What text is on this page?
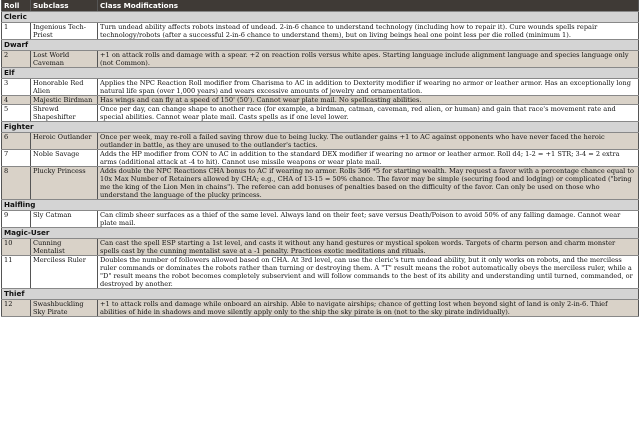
Roll	Subclass	Class Modifications
Cleric		
1	Ingenious Tech-Priest	Turn undead ability affects robots instead of undead. 2-in-6 chance to understand technology (including how to repair it). Cure wounds spells repair technology/robots (after a successful 2-in-6 chance to understand them), but on living beings heal one point less per die rolled (minimum 1).
Dwarf		
2	Lost World Caveman	+1 on attack rolls and damage with a spear. +2 on reaction rolls versus white apes. Starting language include alignment language and species language only (not Common).
Elf		
3	Honorable Red Alien	Applies the NPC Reaction Roll modifier from Charisma to AC in addition to Dexterity modifier if wearing no armor or leather armor. Has an exceptionally long natural life span (over 1,000 years) and wears excessive amounts of jewelry and ornamentation.
4	Majestic Birdman	Has wings and can fly at a speed of 150' (50'). Cannot wear plate mail. No spellcasting abilities.
5	Shrewd Shapeshifter	Once per day, can change shape to another race (for example, a birdman, catman, caveman, red alien, or human) and gain that race's movement rate and special abilities. Cannot wear plate mail. Casts spells as if one level lower.
Fighter		
6	Heroic Outlander	Once per week, may re-roll a failed saving throw due to being lucky. The outlander gains +1 to AC against opponents who have never faced the heroic outlander in battle, as they are unused to the outlander's tactics.
7	Noble Savage	Adds the HP modifier from CON to AC in addition to the standard DEX modifier if wearing no armor or leather armor. Roll d4; 1-2 = +1 STR; 3-4 = 2 extra arms (additional attack at -4 to hit). Cannot use missile weapons or wear plate mail.
8	Plucky Princess	Adds double the NPC Reactions CHA bonus to AC if wearing no armor. Rolls 3d6 *5 for starting wealth. May request a favor with a percentage chance equal to 10x Max Number of Retainers allowed by CHA; e.g., CHA of 13-15 = 50% chance. The favor may be simple (securing food and lodging) or complicated ("bring me the king of the Lion Men in chains"). The referee can add bonuses of penalties based on the difficulty of the favor. Can only be used on those who understand the language of the plucky princess.
Halfling		
9	Sly Catman	Can climb sheer surfaces as a thief of the same level. Always land on their feet; save versus Death/Poison to avoid 50% of any falling damage. Cannot wear plate mail.
Magic-User		
10	Cunning Mentalist	Can cast the spell ESP starting a 1st level, and casts it without any hand gestures or mystical spoken words. Targets of charm person and charm monster spells cast by the cunning mentalist save at a -1 penalty. Practices exotic meditations and rituals.
11	Merciless Ruler	Doubles the number of followers allowed based on CHA. At 3rd level, can use the cleric's turn undead ability, but it only works on robots, and the merciless ruler commands or dominates the robots rather than turning or destroying them. A "T" result means the robot automatically obeys the merciless ruler, while a "D" result means the robot becomes completely subservient and will follow commands to the best of its ability and understanding until turned, commanded, or destroyed by another.
Thief		
12	Swashbuckling Sky Pirate	+1 to attack rolls and damage while onboard an airship. Able to navigate airships; chance of getting lost when beyond sight of land is only 2-in-6. Thief abilities of hide in shadows and move silently apply only to the ship the sky pirate is on (not to the sky pirate individually).
